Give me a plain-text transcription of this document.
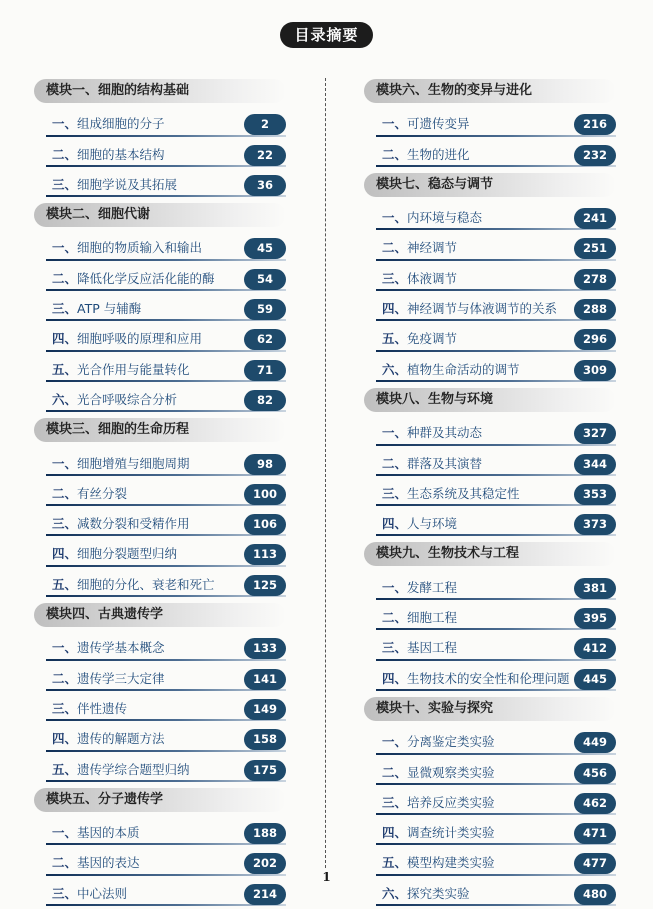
目录摘要
模块一、细胞的结构基础
一、组成细胞的分子	2
二、细胞的基本结构	22
三、细胞学说及其拓展	36
模块二、细胞代谢
一、细胞的物质输入和输出	45
二、降低化学反应活化能的酶	54
三、ATP 与辅酶	59
四、细胞呼吸的原理和应用	62
五、光合作用与能量转化	71
六、光合呼吸综合分析	82
模块三、细胞的生命历程
一、细胞增殖与细胞周期	98
二、有丝分裂	100
三、减数分裂和受精作用	106
四、细胞分裂题型归纳	113
五、细胞的分化、衰老和死亡	125
模块四、古典遗传学
一、遗传学基本概念	133
二、遗传学三大定律	141
三、伴性遗传	149
四、遗传的解题方法	158
五、遗传学综合题型归纳	175
模块五、分子遗传学
一、基因的本质	188
二、基因的表达	202
三、中心法则	214
模块六、生物的变异与进化
一、可遗传变异	216
二、生物的进化	232
模块七、稳态与调节
一、内环境与稳态	241
二、神经调节	251
三、体液调节	278
四、神经调节与体液调节的关系	288
五、免疫调节	296
六、植物生命活动的调节	309
模块八、生物与环境
一、种群及其动态	327
二、群落及其演替	344
三、生态系统及其稳定性	353
四、人与环境	373
模块九、生物技术与工程
一、发酵工程	381
二、细胞工程	395
三、基因工程	412
四、生物技术的安全性和伦理问题	445
模块十、实验与探究
一、分离鉴定类实验	449
二、显微观察类实验	456
三、培养反应类实验	462
四、调查统计类实验	471
五、模型构建类实验	477
六、探究类实验	480
1
